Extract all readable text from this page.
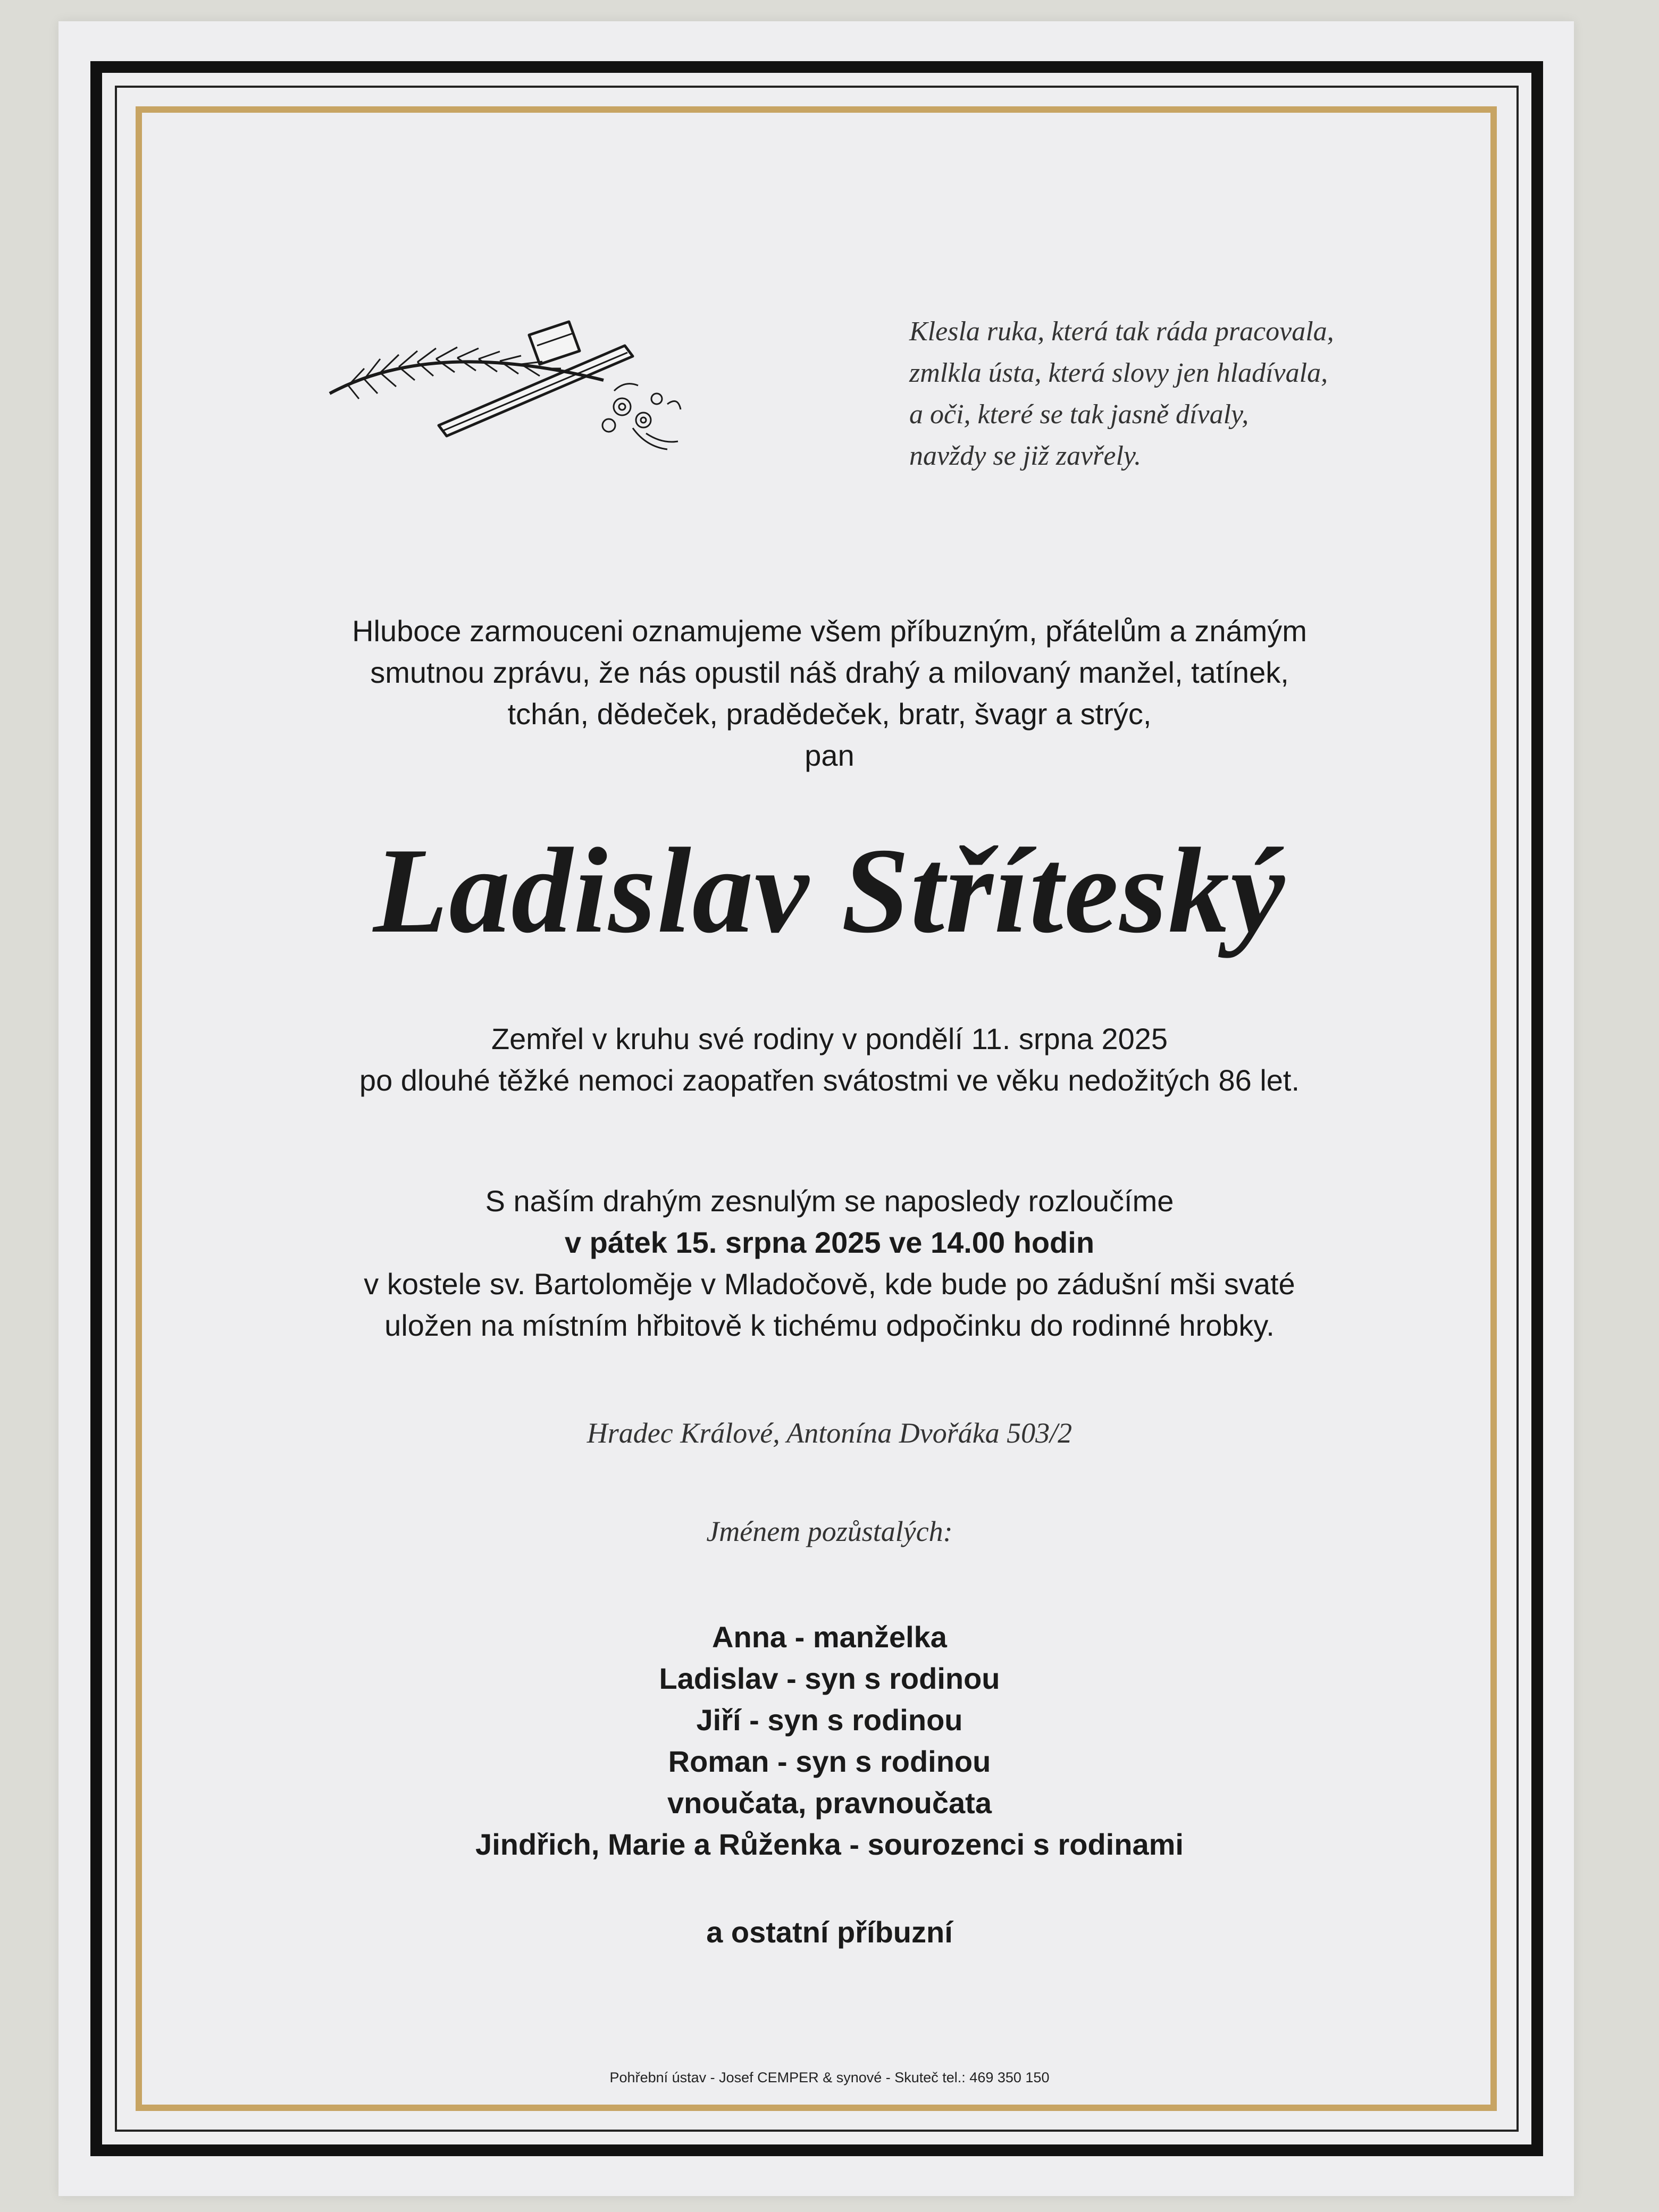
Klesla ruka, která tak ráda pracovala,
zmlkla ústa, která slovy jen hladívala,
a oči, které se tak jasně dívaly,
navždy se již zavřely.
Hluboce zarmouceni oznamujeme všem příbuzným, přátelům a známým
smutnou zprávu, že nás opustil náš drahý a milovaný manžel, tatínek,
tchán, dědeček, pradědeček, bratr, švagr a strýc,
pan
Ladislav Stříteský
Zemřel v kruhu své rodiny v pondělí 11. srpna 2025
po dlouhé těžké nemoci zaopatřen svátostmi ve věku nedožitých 86 let.
S naším drahým zesnulým se naposledy rozloučíme
v pátek 15. srpna 2025 ve 14.00 hodin
v kostele sv. Bartoloměje v Mladočově, kde bude po zádušní mši svaté
uložen na místním hřbitově k tichému odpočinku do rodinné hrobky.
Hradec Králové, Antonína Dvořáka 503/2
Jménem pozůstalých:
Anna - manželka
Ladislav - syn s rodinou
Jiří - syn s rodinou
Roman - syn s rodinou
vnoučata, pravnoučata
Jindřich, Marie a Růženka - sourozenci s rodinami
a ostatní příbuzní
Pohřební ústav - Josef CEMPER & synové - Skuteč tel.: 469 350 150
